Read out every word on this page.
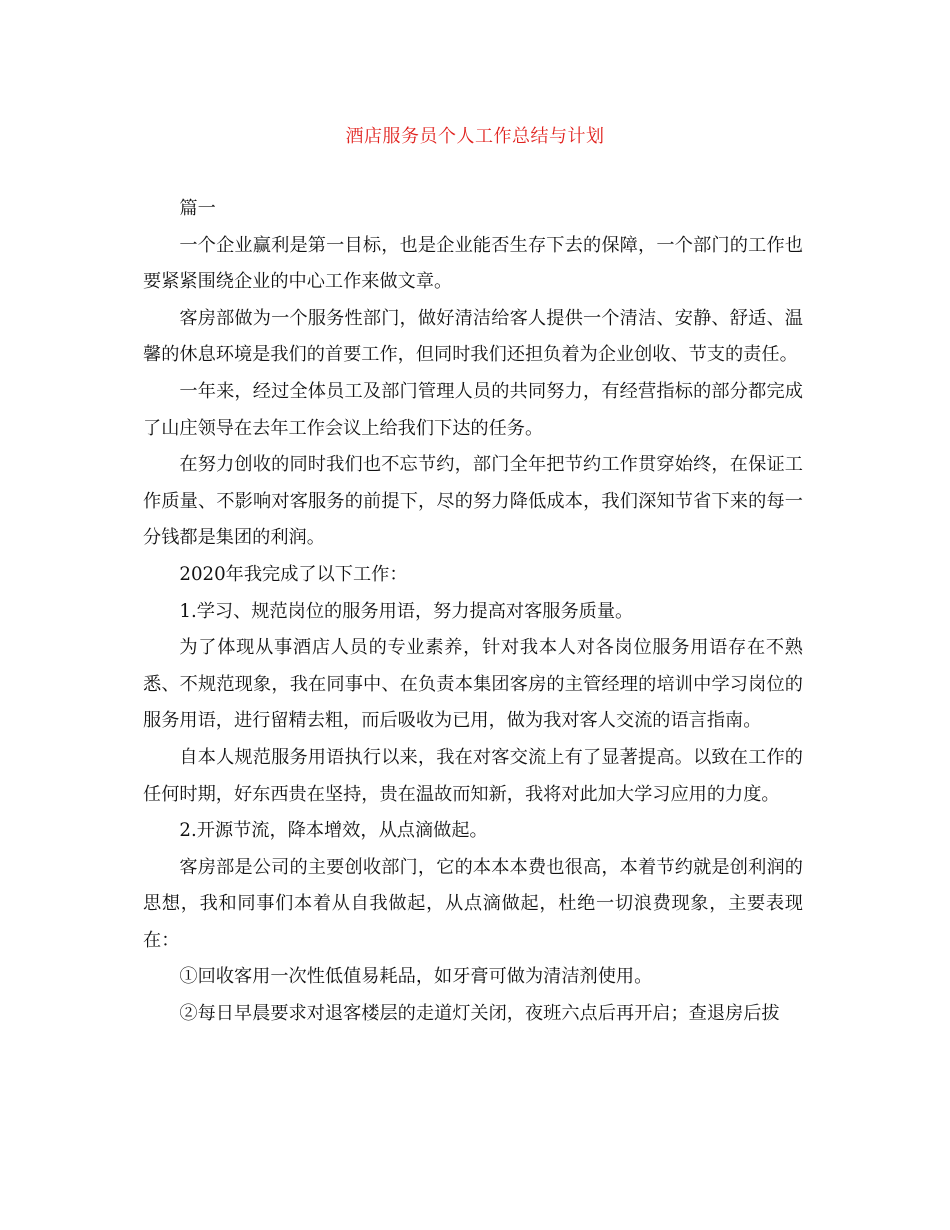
酒店服务员个人工作总结与计划

篇一

一个企业赢利是第一目标，也是企业能否生存下去的保障，一个部门的工作也要紧紧围绕企业的中心工作来做文章。

客房部做为一个服务性部门，做好清洁给客人提供一个清洁、安静、舒适、温馨的休息环境是我们的首要工作，但同时我们还担负着为企业创收、节支的责任。

一年来，经过全体员工及部门管理人员的共同努力，有经营指标的部分都完成了山庄领导在去年工作会议上给我们下达的任务。

在努力创收的同时我们也不忘节约，部门全年把节约工作贯穿始终，在保证工作质量、不影响对客服务的前提下，尽的努力降低成本，我们深知节省下来的每一分钱都是集团的利润。

2020年我完成了以下工作：

1.学习、规范岗位的服务用语，努力提高对客服务质量。

为了体现从事酒店人员的专业素养，针对我本人对各岗位服务用语存在不熟悉、不规范现象，我在同事中、在负责本集团客房的主管经理的培训中学习岗位的服务用语，进行留精去粗，而后吸收为已用，做为我对客人交流的语言指南。

自本人规范服务用语执行以来，我在对客交流上有了显著提高。以致在工作的任何时期，好东西贵在坚持，贵在温故而知新，我将对此加大学习应用的力度。

2.开源节流，降本增效，从点滴做起。

客房部是公司的主要创收部门，它的本本本费也很高，本着节约就是创利润的思想，我和同事们本着从自我做起，从点滴做起，杜绝一切浪费现象，主要表现在：

①回收客用一次性低值易耗品，如牙膏可做为清洁剂使用。

②每日早晨要求对退客楼层的走道灯关闭，夜班六点后再开启；查退房后拔
